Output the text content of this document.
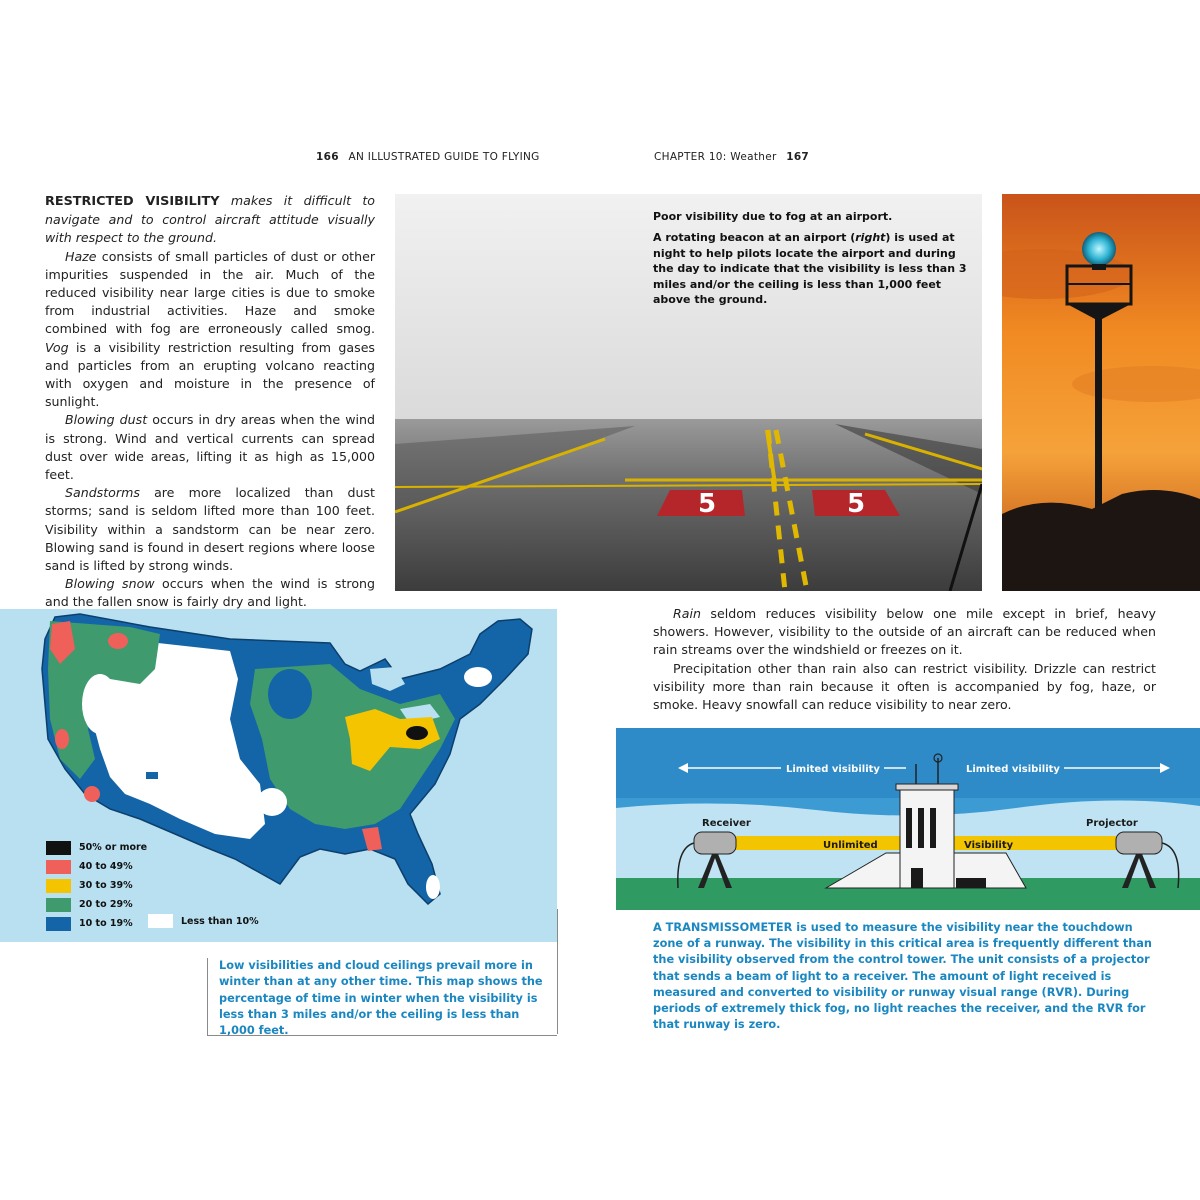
166 AN ILLUSTRATED GUIDE TO FLYING	CHAPTER 10: Weather 167

RESTRICTED VISIBILITY makes it difficult to navigate and to control aircraft attitude visually with respect to the ground.

Haze consists of small particles of dust or other impurities suspended in the air. Much of the reduced visibility near large cities is due to smoke from industrial activities. Haze and smoke combined with fog are erroneously called smog. Vog is a visibility restriction resulting from gases and particles from an erupting volcano reacting with oxygen and moisture in the presence of sunlight.

Blowing dust occurs in dry areas when the wind is strong. Wind and vertical currents can spread dust over wide areas, lifting it as high as 15,000 feet.

Sandstorms are more localized than dust storms; sand is seldom lifted more than 100 feet. Visibility within a sandstorm can be near zero. Blowing sand is found in desert regions where loose sand is lifted by strong winds.

Blowing snow occurs when the wind is strong and the fallen snow is fairly dry and light.

5	5

Poor visibility due to fog at an airport.

A rotating beacon at an airport (right) is used at night to help pilots locate the airport and during the day to indicate that the visibility is less than 3 miles and/or the ceiling is less than 1,000 feet above the ground.

50% or more
40 to 49%
30 to 39%
20 to 29%
10 to 19%	Less than 10%
Low visibilities and cloud ceilings prevail more in winter than at any other time. This map shows the percentage of time in winter when the visibility is less than 3 miles and/or the ceiling is less than 1,000 feet.

Rain seldom reduces visibility below one mile except in brief, heavy showers. However, visibility to the outside of an aircraft can be reduced when rain streams over the windshield or freezes on it.

Precipitation other than rain also can restrict visibility. Drizzle can restrict visibility more than rain because it often is accompanied by fog, haze, or smoke. Heavy snowfall can reduce visibility to near zero.

Limited visibility	Limited visibility
Unlimited	Visibility
Receiver	Projector
A TRANSMISSOMETER is used to measure the visibility near the touchdown zone of a runway. The visibility in this critical area is frequently different than the visibility observed from the control tower. The unit consists of a projector that sends a beam of light to a receiver. The amount of light received is measured and converted to visibility or runway visual range (RVR). During periods of extremely thick fog, no light reaches the receiver, and the RVR for that runway is zero.
